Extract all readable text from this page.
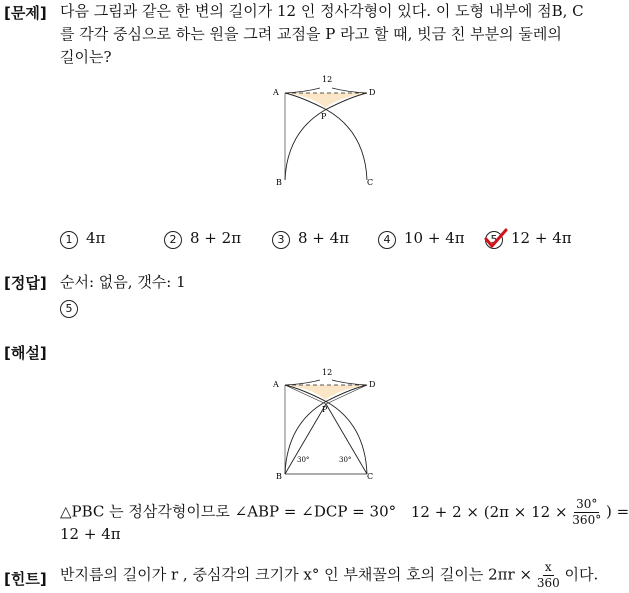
[문제] 다음 그림과 같은 한 변의 길이가 12 인 정사각형이 있다. 이 도형 내부에 점B, C
를 각각 중심으로 하는 원을 그려 교점을 P 라고 할 때, 빗금 친 부분의 둘레의
길이는?
A	D
P
12
B	C
1 4π	2 8 + 2π	3 8 + 4π	4 10 + 4π	5
12 + 4π
[정답] 순서: 없음, 갯수: 1
5
[해설]
A	D
P
12
B	C
30°	30°
△PBC 는 정삼각형이므로 ∠ABP = ∠DCP = 30° $12 + 2 \times (2\pi \times 12 \times \frac{30^\circ}{360^\circ}$ ) =
12 + 4π
[힌트] 반지름의 길이가 r , 중심각의 크기가 x° 인 부채꼴의 호의 길이는 $2\pi r \times \frac{x}{360}$ 이다.
